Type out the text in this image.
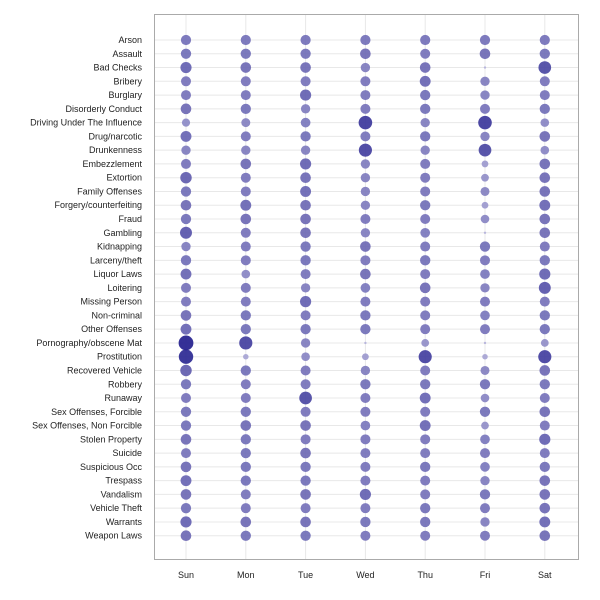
Arson
Assault
Bad Checks
Bribery
Burglary
Disorderly Conduct
Driving Under The Influence
Drug/narcotic
Drunkenness
Embezzlement
Extortion
Family Offenses
Forgery/counterfeiting
Fraud
Gambling
Kidnapping
Larceny/theft
Liquor Laws
Loitering
Missing Person
Non-criminal
Other Offenses
Pornography/obscene Mat
Prostitution
Recovered Vehicle
Robbery
Runaway
Sex Offenses, Forcible
Sex Offenses, Non Forcible
Stolen Property
Suicide
Suspicious Occ
Trespass
Vandalism
Vehicle Theft
Warrants
Weapon Laws
Sun	Mon	Tue	Wed	Thu	Fri	Sat
